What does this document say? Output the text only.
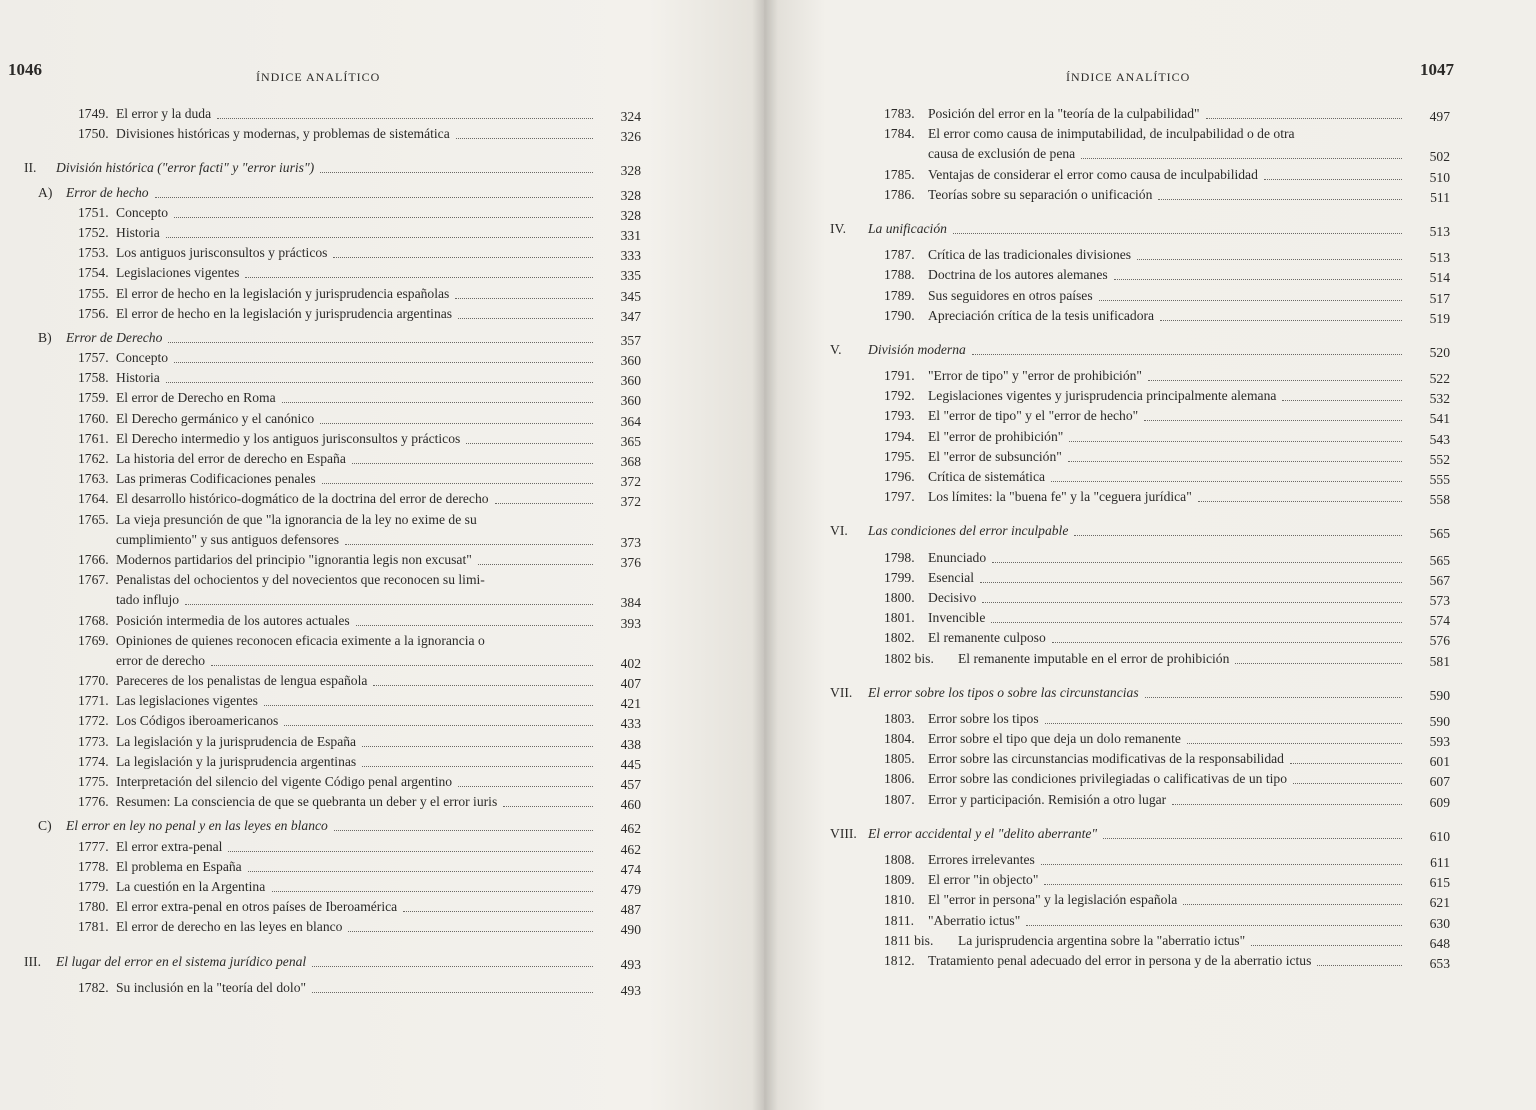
1046	ÍNDICE ANALÍTICO
1749. El error y la duda	324
1750. Divisiones históricas y modernas, y problemas de sistemática	326
II. División histórica ("error facti" y "error iuris")	328
A) Error de hecho	328
1751. Concepto	328
1752. Historia	331
1753. Los antiguos jurisconsultos y prácticos	333
1754. Legislaciones vigentes	335
1755. El error de hecho en la legislación y jurisprudencia españolas	345
1756. El error de hecho en la legislación y jurisprudencia argentinas	347
B) Error de Derecho	357
1757. Concepto	360
1758. Historia	360
1759. El error de Derecho en Roma	360
1760. El Derecho germánico y el canónico	364
1761. El Derecho intermedio y los antiguos jurisconsultos y prácticos	365
1762. La historia del error de derecho en España	368
1763. Las primeras Codificaciones penales	372
1764. El desarrollo histórico-dogmático de la doctrina del error de derecho	372
1765. La vieja presunción de que "la ignorancia de la ley no exime de su
cumplimiento" y sus antiguos defensores	373
1766. Modernos partidarios del principio "ignorantia legis non excusat"	376
1767. Penalistas del ochocientos y del novecientos que reconocen su limi-
tado influjo	384
1768. Posición intermedia de los autores actuales	393
1769. Opiniones de quienes reconocen eficacia eximente a la ignorancia o
error de derecho	402
1770. Pareceres de los penalistas de lengua española	407
1771. Las legislaciones vigentes	421
1772. Los Códigos iberoamericanos	433
1773. La legislación y la jurisprudencia de España	438
1774. La legislación y la jurisprudencia argentinas	445
1775. Interpretación del silencio del vigente Código penal argentino	457
1776. Resumen: La consciencia de que se quebranta un deber y el error iuris	460
C) El error en ley no penal y en las leyes en blanco	462
1777. El error extra-penal	462
1778. El problema en España	474
1779. La cuestión en la Argentina	479
1780. El error extra-penal en otros países de Iberoamérica	487
1781. El error de derecho en las leyes en blanco	490
III. El lugar del error en el sistema jurídico penal	493
1782. Su inclusión en la "teoría del dolo"	493
ÍNDICE ANALÍTICO	1047
1783. Posición del error en la "teoría de la culpabilidad"	497
1784. El error como causa de inimputabilidad, de inculpabilidad o de otra
causa de exclusión de pena	502
1785. Ventajas de considerar el error como causa de inculpabilidad	510
1786. Teorías sobre su separación o unificación	511
IV. La unificación	513
1787. Crítica de las tradicionales divisiones	513
1788. Doctrina de los autores alemanes	514
1789. Sus seguidores en otros países	517
1790. Apreciación crítica de la tesis unificadora	519
V. División moderna	520
1791. "Error de tipo" y "error de prohibición"	522
1792. Legislaciones vigentes y jurisprudencia principalmente alemana	532
1793. El "error de tipo" y el "error de hecho"	541
1794. El "error de prohibición"	543
1795. El "error de subsunción"	552
1796. Crítica de sistemática	555
1797. Los límites: la "buena fe" y la "ceguera jurídica"	558
VI. Las condiciones del error inculpable	565
1798. Enunciado	565
1799. Esencial	567
1800. Decisivo	573
1801. Invencible	574
1802. El remanente culposo	576
1802 bis. El remanente imputable en el error de prohibición	581
VII. El error sobre los tipos o sobre las circunstancias	590
1803. Error sobre los tipos	590
1804. Error sobre el tipo que deja un dolo remanente	593
1805. Error sobre las circunstancias modificativas de la responsabilidad	601
1806. Error sobre las condiciones privilegiadas o calificativas de un tipo	607
1807. Error y participación. Remisión a otro lugar	609
VIII. El error accidental y el "delito aberrante"	610
1808. Errores irrelevantes	611
1809. El error "in objecto"	615
1810. El "error in persona" y la legislación española	621
1811. "Aberratio ictus"	630
1811 bis. La jurisprudencia argentina sobre la "aberratio ictus"	648
1812. Tratamiento penal adecuado del error in persona y de la aberratio ictus	653
